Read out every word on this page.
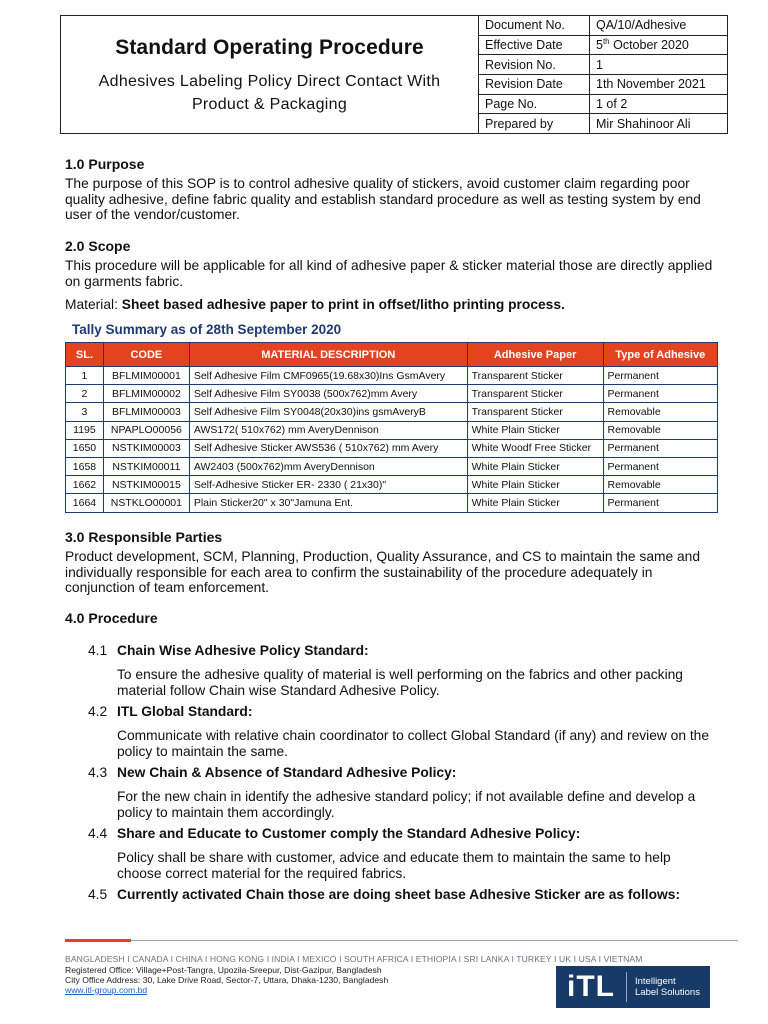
Standard Operating Procedure
Adhesives Labeling Policy Direct Contact With
Product & Packaging
Document No.	QA/10/Adhesive
Effective Date	5th October 2020
Revision No.	1
Revision Date	1th November 2021
Page No.	1 of 2
Prepared by	Mir Shahinoor Ali
1.0 Purpose
The purpose of this SOP is to control adhesive quality of stickers, avoid customer claim regarding poor quality adhesive, define fabric quality and establish standard procedure as well as testing system by end user of the vendor/customer.
2.0 Scope
This procedure will be applicable for all kind of adhesive paper & sticker material those are directly applied on garments fabric.
Material: Sheet based adhesive paper to print in offset/litho printing process.
Tally Summary as of 28th September 2020
SL.	CODE	MATERIAL DESCRIPTION	Adhesive Paper	Type of Adhesive
1	BFLMIM00001	Self Adhesive Film CMF0965(19.68x30)Ins GsmAvery	Transparent Sticker	Permanent
2	BFLMIM00002	Self Adhesive Film SY0038 (500x762)mm Avery	Transparent Sticker	Permanent
3	BFLMIM00003	Self Adhesive Film SY0048(20x30)ins gsmAveryB	Transparent Sticker	Removable
1195	NPAPLO00056	AWS172( 510x762) mm AveryDennison	White Plain Sticker	Removable
1650	NSTKIM00003	Self Adhesive Sticker AWS536 ( 510x762) mm Avery	White Woodf Free Sticker	Permanent
1658	NSTKIM00011	AW2403 (500x762)mm AveryDennison	White Plain Sticker	Permanent
1662	NSTKIM00015	Self-Adhesive Sticker ER- 2330 ( 21x30)"	White Plain Sticker	Removable
1664	NSTKLO00001	Plain Sticker20" x 30"Jamuna Ent.	White Plain Sticker	Permanent
3.0 Responsible Parties
Product development, SCM, Planning, Production, Quality Assurance, and CS to maintain the same and individually responsible for each area to confirm the sustainability of the procedure adequately in conjunction of team enforcement.
4.0 Procedure
4.1 Chain Wise Adhesive Policy Standard:
To ensure the adhesive quality of material is well performing on the fabrics and other packing material follow Chain wise Standard Adhesive Policy.
4.2 ITL Global Standard:
Communicate with relative chain coordinator to collect Global Standard (if any) and review on the policy to maintain the same.
4.3 New Chain & Absence of Standard Adhesive Policy:
For the new chain in identify the adhesive standard policy; if not available define and develop a policy to maintain them accordingly.
4.4 Share and Educate to Customer comply the Standard Adhesive Policy:
Policy shall be share with customer, advice and educate them to maintain the same to help choose correct material for the required fabrics.
4.5 Currently activated Chain those are doing sheet base Adhesive Sticker are as follows:
BANGLADESH I CANADA I CHINA I HONG KONG I INDIA I MEXICO I SOUTH AFRICA I ETHIOPIA I SRI LANKA I TURKEY I UK I USA I VIETNAM
Registered Office: Village+Post-Tangra, Upozila-Sreepur, Dist-Gazipur, Bangladesh
City Office Address: 30, Lake Drive Road, Sector-7, Uttara, Dhaka-1230, Bangladesh
www.itl-group.com.bd	iTL	Intelligent
Label Solutions
